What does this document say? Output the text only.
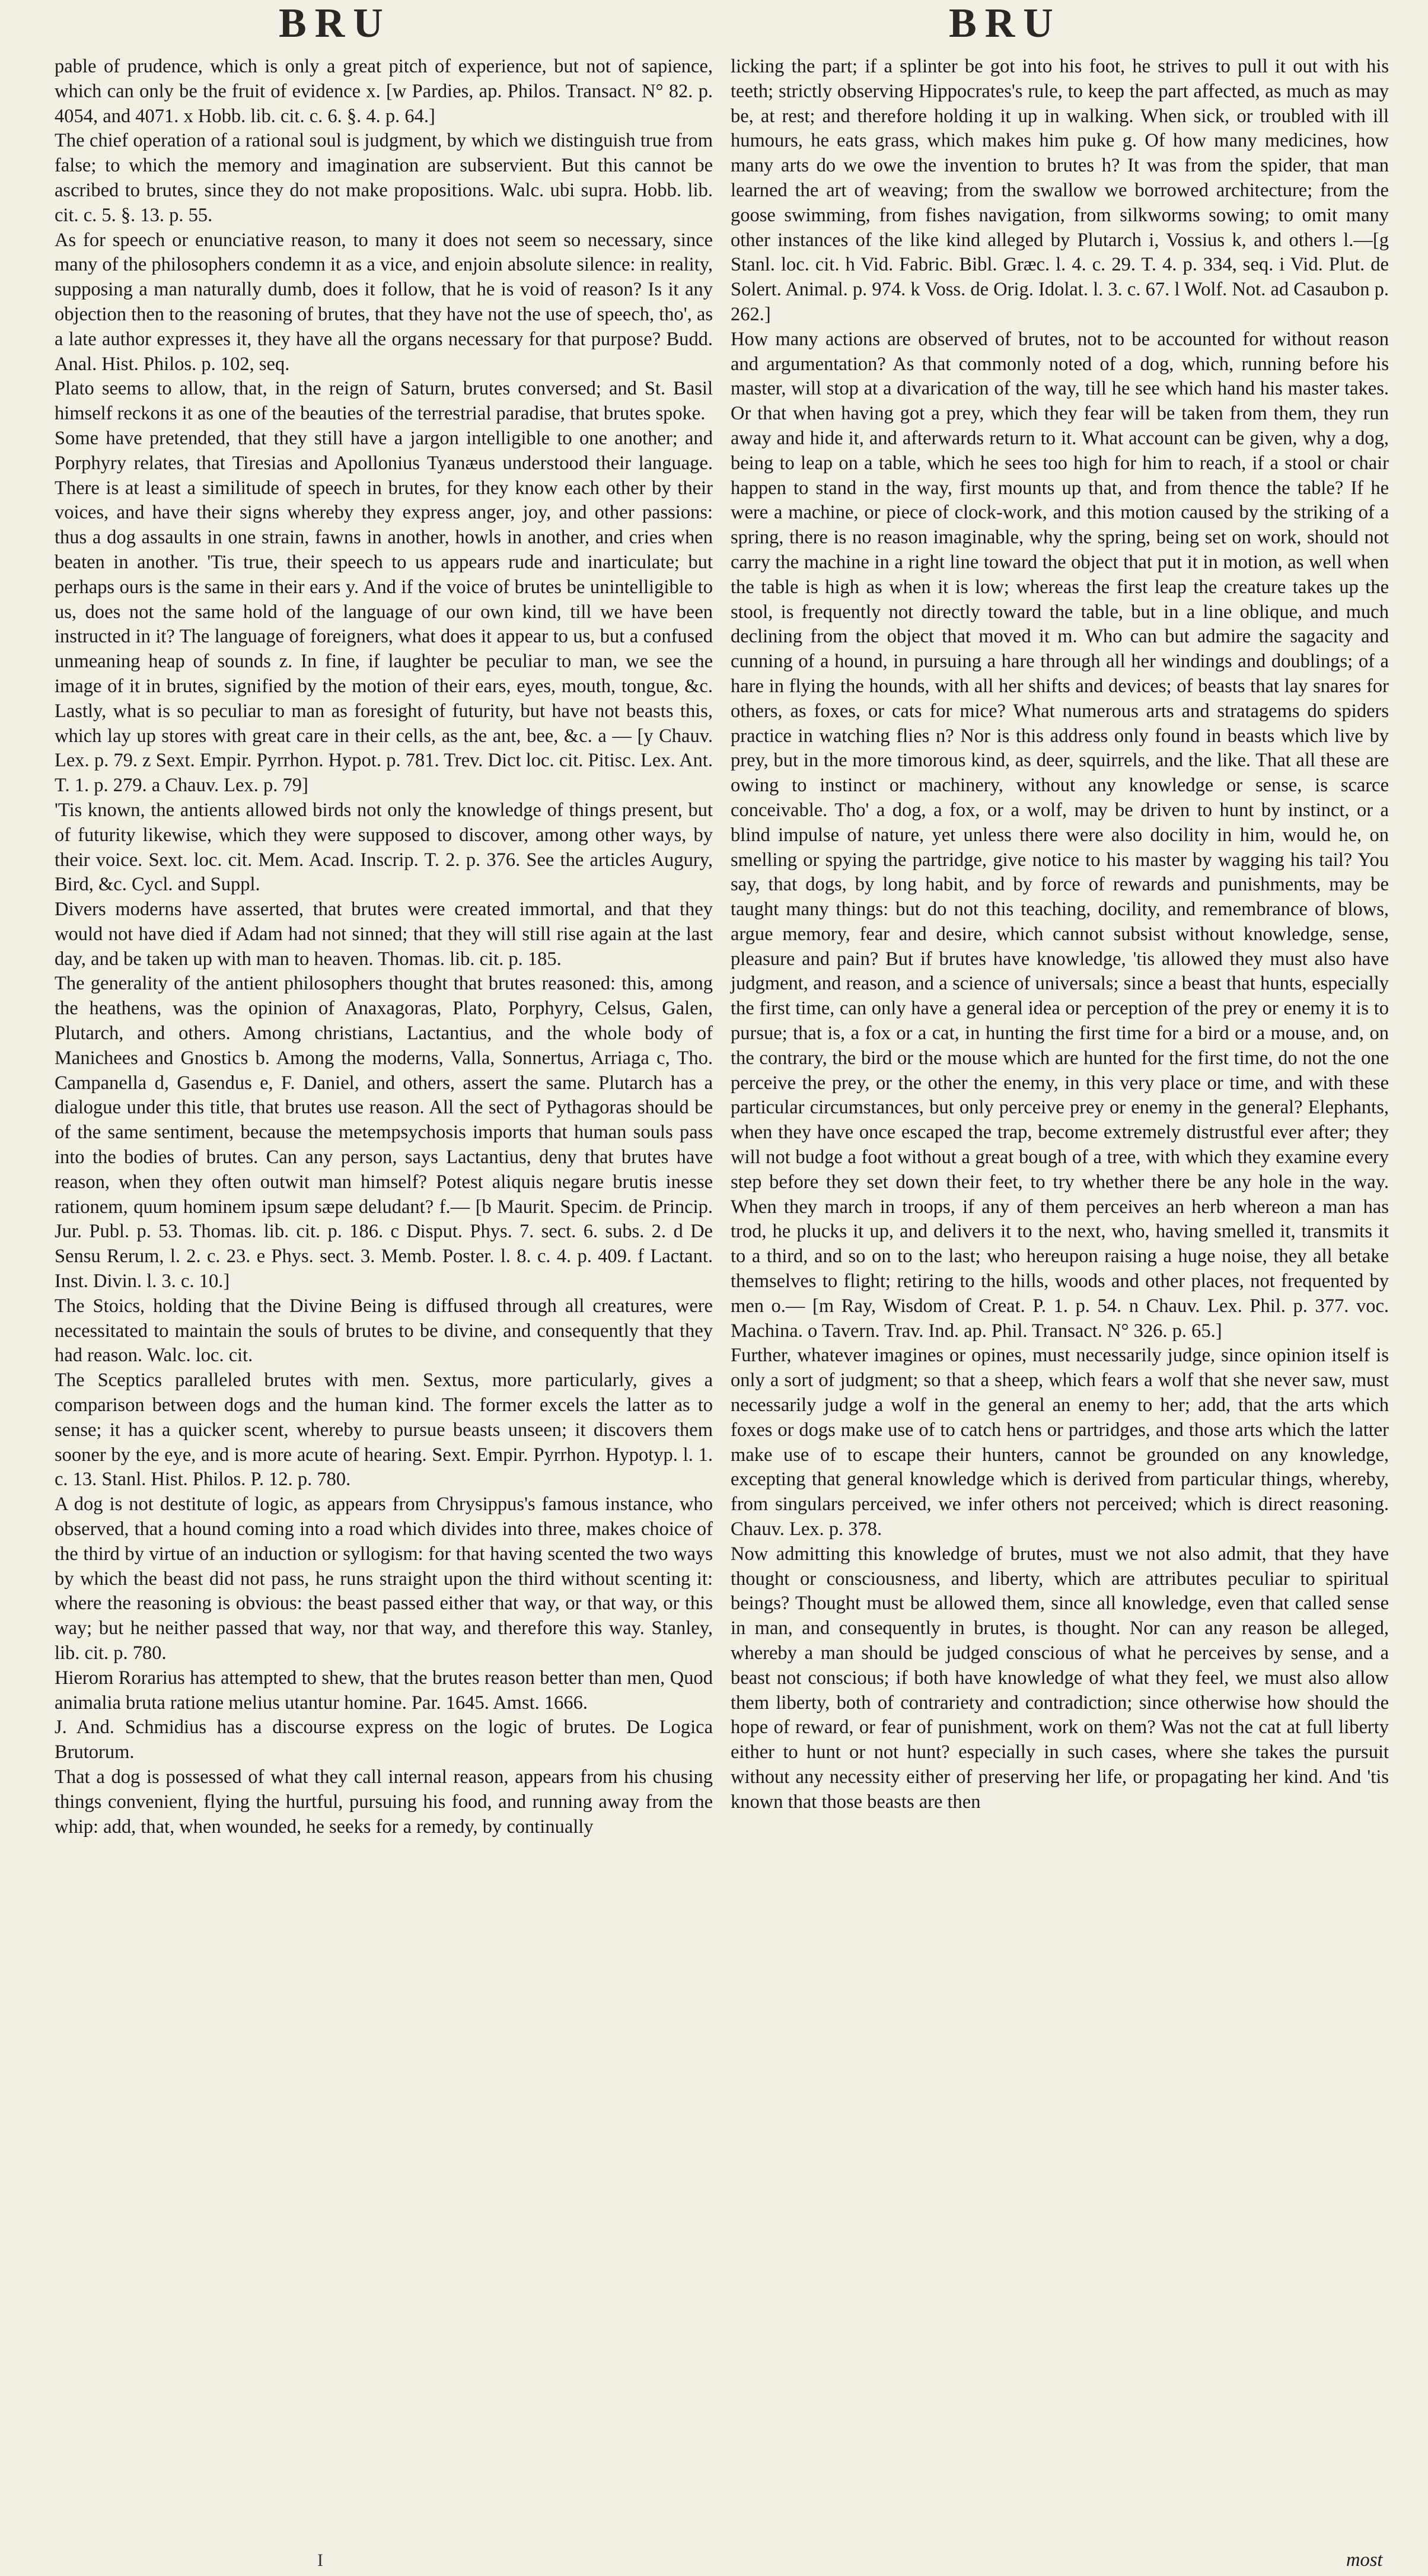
BRU	BRU

pable of prudence, which is only a great pitch of experience, but not of sapience, which can only be the fruit of evidence x. [w Pardies, ap. Philos. Transact. N° 82. p. 4054, and 4071. x Hobb. lib. cit. c. 6. §. 4. p. 64.]

The chief operation of a rational soul is judgment, by which we distinguish true from false; to which the memory and imagination are subservient. But this cannot be ascribed to brutes, since they do not make propositions. Walc. ubi supra. Hobb. lib. cit. c. 5. §. 13. p. 55.

As for speech or enunciative reason, to many it does not seem so necessary, since many of the philosophers condemn it as a vice, and enjoin absolute silence: in reality, supposing a man naturally dumb, does it follow, that he is void of reason? Is it any objection then to the reasoning of brutes, that they have not the use of speech, tho', as a late author expresses it, they have all the organs necessary for that purpose? Budd. Anal. Hist. Philos. p. 102, seq.

Plato seems to allow, that, in the reign of Saturn, brutes conversed; and St. Basil himself reckons it as one of the beauties of the terrestrial paradise, that brutes spoke.

Some have pretended, that they still have a jargon intelligible to one another; and Porphyry relates, that Tiresias and Apollonius Tyanæus understood their language. There is at least a similitude of speech in brutes, for they know each other by their voices, and have their signs whereby they express anger, joy, and other passions: thus a dog assaults in one strain, fawns in another, howls in another, and cries when beaten in another. 'Tis true, their speech to us appears rude and inarticulate; but perhaps ours is the same in their ears y. And if the voice of brutes be unintelligible to us, does not the same hold of the language of our own kind, till we have been instructed in it? The language of foreigners, what does it appear to us, but a confused unmeaning heap of sounds z. In fine, if laughter be peculiar to man, we see the image of it in brutes, signified by the motion of their ears, eyes, mouth, tongue, &c. Lastly, what is so peculiar to man as foresight of futurity, but have not beasts this, which lay up stores with great care in their cells, as the ant, bee, &c. a — [y Chauv. Lex. p. 79. z Sext. Empir. Pyrrhon. Hypot. p. 781. Trev. Dict loc. cit. Pitisc. Lex. Ant. T. 1. p. 279. a Chauv. Lex. p. 79]

'Tis known, the antients allowed birds not only the knowledge of things present, but of futurity likewise, which they were supposed to discover, among other ways, by their voice. Sext. loc. cit. Mem. Acad. Inscrip. T. 2. p. 376. See the articles Augury, Bird, &c. Cycl. and Suppl.

Divers moderns have asserted, that brutes were created immortal, and that they would not have died if Adam had not sinned; that they will still rise again at the last day, and be taken up with man to heaven. Thomas. lib. cit. p. 185.

The generality of the antient philosophers thought that brutes reasoned: this, among the heathens, was the opinion of Anaxagoras, Plato, Porphyry, Celsus, Galen, Plutarch, and others. Among christians, Lactantius, and the whole body of Manichees and Gnostics b. Among the moderns, Valla, Sonnertus, Arriaga c, Tho. Campanella d, Gasendus e, F. Daniel, and others, assert the same. Plutarch has a dialogue under this title, that brutes use reason. All the sect of Pythagoras should be of the same sentiment, because the metempsychosis imports that human souls pass into the bodies of brutes. Can any person, says Lactantius, deny that brutes have reason, when they often outwit man himself? Potest aliquis negare brutis inesse rationem, quum hominem ipsum sæpe deludant? f.— [b Maurit. Specim. de Princip. Jur. Publ. p. 53. Thomas. lib. cit. p. 186. c Disput. Phys. 7. sect. 6. subs. 2. d De Sensu Rerum, l. 2. c. 23. e Phys. sect. 3. Memb. Poster. l. 8. c. 4. p. 409. f Lactant. Inst. Divin. l. 3. c. 10.]

The Stoics, holding that the Divine Being is diffused through all creatures, were necessitated to maintain the souls of brutes to be divine, and consequently that they had reason. Walc. loc. cit.

The Sceptics paralleled brutes with men. Sextus, more particularly, gives a comparison between dogs and the human kind. The former excels the latter as to sense; it has a quicker scent, whereby to pursue beasts unseen; it discovers them sooner by the eye, and is more acute of hearing. Sext. Empir. Pyrrhon. Hypotyp. l. 1. c. 13. Stanl. Hist. Philos. P. 12. p. 780.

A dog is not destitute of logic, as appears from Chrysippus's famous instance, who observed, that a hound coming into a road which divides into three, makes choice of the third by virtue of an induction or syllogism: for that having scented the two ways by which the beast did not pass, he runs straight upon the third without scenting it: where the reasoning is obvious: the beast passed either that way, or that way, or this way; but he neither passed that way, nor that way, and therefore this way. Stanley, lib. cit. p. 780.

Hierom Rorarius has attempted to shew, that the brutes reason better than men, Quod animalia bruta ratione melius utantur homine. Par. 1645. Amst. 1666.

J. And. Schmidius has a discourse express on the logic of brutes. De Logica Brutorum.

That a dog is possessed of what they call internal reason, appears from his chusing things convenient, flying the hurtful, pursuing his food, and running away from the whip: add, that, when wounded, he seeks for a remedy, by continually

licking the part; if a splinter be got into his foot, he strives to pull it out with his teeth; strictly observing Hippocrates's rule, to keep the part affected, as much as may be, at rest; and therefore holding it up in walking. When sick, or troubled with ill humours, he eats grass, which makes him puke g. Of how many medicines, how many arts do we owe the invention to brutes h? It was from the spider, that man learned the art of weaving; from the swallow we borrowed architecture; from the goose swimming, from fishes navigation, from silkworms sowing; to omit many other instances of the like kind alleged by Plutarch i, Vossius k, and others l.—[g Stanl. loc. cit. h Vid. Fabric. Bibl. Græc. l. 4. c. 29. T. 4. p. 334, seq. i Vid. Plut. de Solert. Animal. p. 974. k Voss. de Orig. Idolat. l. 3. c. 67. l Wolf. Not. ad Casaubon p. 262.]

How many actions are observed of brutes, not to be accounted for without reason and argumentation? As that commonly noted of a dog, which, running before his master, will stop at a divarication of the way, till he see which hand his master takes. Or that when having got a prey, which they fear will be taken from them, they run away and hide it, and afterwards return to it. What account can be given, why a dog, being to leap on a table, which he sees too high for him to reach, if a stool or chair happen to stand in the way, first mounts up that, and from thence the table? If he were a machine, or piece of clock-work, and this motion caused by the striking of a spring, there is no reason imaginable, why the spring, being set on work, should not carry the machine in a right line toward the object that put it in motion, as well when the table is high as when it is low; whereas the first leap the creature takes up the stool, is frequently not directly toward the table, but in a line oblique, and much declining from the object that moved it m. Who can but admire the sagacity and cunning of a hound, in pursuing a hare through all her windings and doublings; of a hare in flying the hounds, with all her shifts and devices; of beasts that lay snares for others, as foxes, or cats for mice? What numerous arts and stratagems do spiders practice in watching flies n? Nor is this address only found in beasts which live by prey, but in the more timorous kind, as deer, squirrels, and the like. That all these are owing to instinct or machinery, without any knowledge or sense, is scarce conceivable. Tho' a dog, a fox, or a wolf, may be driven to hunt by instinct, or a blind impulse of nature, yet unless there were also docility in him, would he, on smelling or spying the partridge, give notice to his master by wagging his tail? You say, that dogs, by long habit, and by force of rewards and punishments, may be taught many things: but do not this teaching, docility, and remembrance of blows, argue memory, fear and desire, which cannot subsist without knowledge, sense, pleasure and pain? But if brutes have knowledge, 'tis allowed they must also have judgment, and reason, and a science of universals; since a beast that hunts, especially the first time, can only have a general idea or perception of the prey or enemy it is to pursue; that is, a fox or a cat, in hunting the first time for a bird or a mouse, and, on the contrary, the bird or the mouse which are hunted for the first time, do not the one perceive the prey, or the other the enemy, in this very place or time, and with these particular circumstances, but only perceive prey or enemy in the general? Elephants, when they have once escaped the trap, become extremely distrustful ever after; they will not budge a foot without a great bough of a tree, with which they examine every step before they set down their feet, to try whether there be any hole in the way. When they march in troops, if any of them perceives an herb whereon a man has trod, he plucks it up, and delivers it to the next, who, having smelled it, transmits it to a third, and so on to the last; who hereupon raising a huge noise, they all betake themselves to flight; retiring to the hills, woods and other places, not frequented by men o.— [m Ray, Wisdom of Creat. P. 1. p. 54. n Chauv. Lex. Phil. p. 377. voc. Machina. o Tavern. Trav. Ind. ap. Phil. Transact. N° 326. p. 65.]

Further, whatever imagines or opines, must necessarily judge, since opinion itself is only a sort of judgment; so that a sheep, which fears a wolf that she never saw, must necessarily judge a wolf in the general an enemy to her; add, that the arts which foxes or dogs make use of to catch hens or partridges, and those arts which the latter make use of to escape their hunters, cannot be grounded on any knowledge, excepting that general knowledge which is derived from particular things, whereby, from singulars perceived, we infer others not perceived; which is direct reasoning. Chauv. Lex. p. 378.

Now admitting this knowledge of brutes, must we not also admit, that they have thought or consciousness, and liberty, which are attributes peculiar to spiritual beings? Thought must be allowed them, since all knowledge, even that called sense in man, and consequently in brutes, is thought. Nor can any reason be alleged, whereby a man should be judged conscious of what he perceives by sense, and a beast not conscious; if both have knowledge of what they feel, we must also allow them liberty, both of contrariety and contradiction; since otherwise how should the hope of reward, or fear of punishment, work on them? Was not the cat at full liberty either to hunt or not hunt? especially in such cases, where she takes the pursuit without any necessity either of preserving her life, or propagating her kind. And 'tis known that those beasts are then

I	most
